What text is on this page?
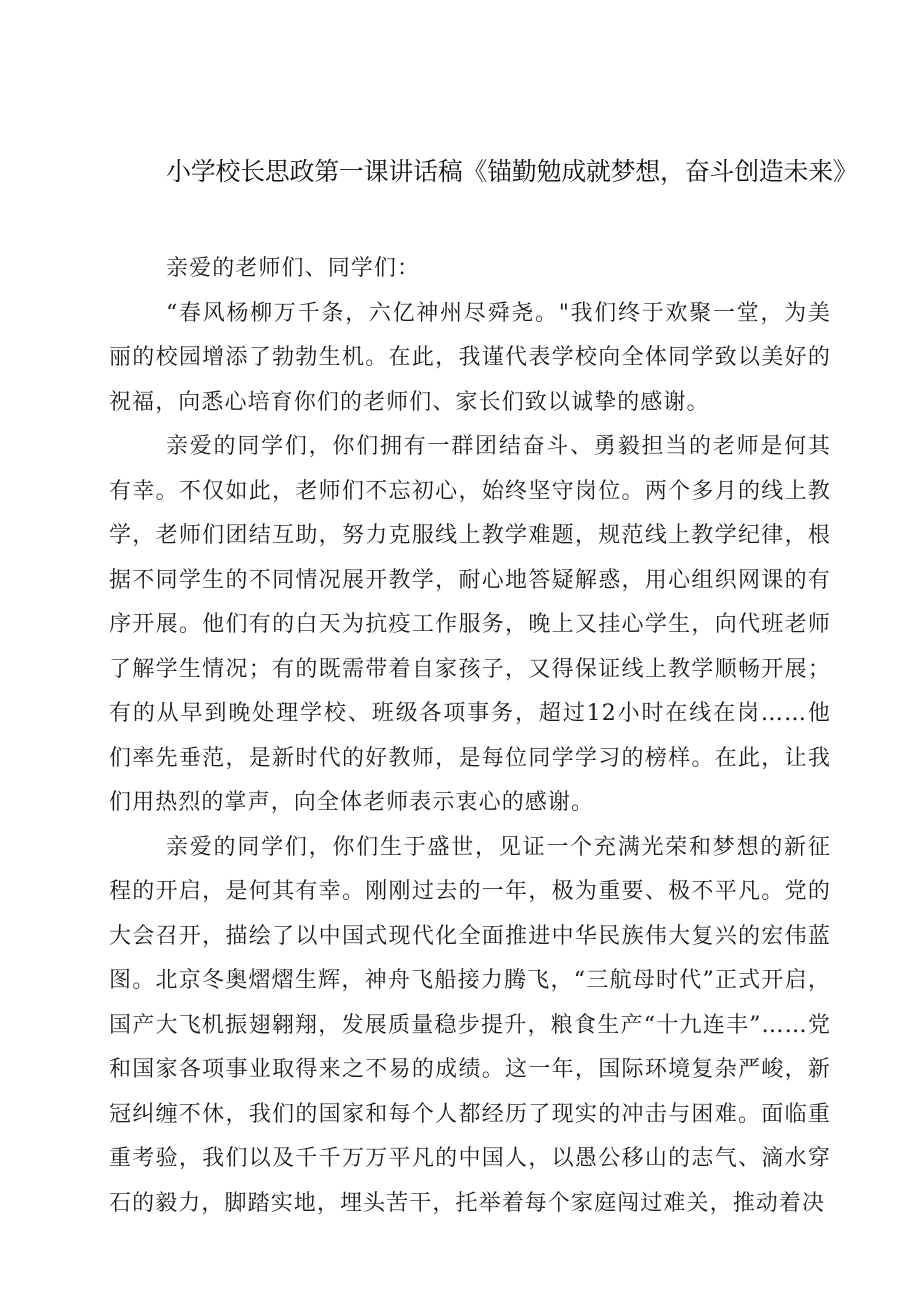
小学校长思政第一课讲话稿《锚勤勉成就梦想，奋斗创造未来》

亲爱的老师们、同学们：

“春风杨柳万千条，六亿神州尽舜尧。"我们终于欢聚一堂，为美丽的校园增添了勃勃生机。在此，我谨代表学校向全体同学致以美好的祝福，向悉心培育你们的老师们、家长们致以诚挚的感谢。

亲爱的同学们，你们拥有一群团结奋斗、勇毅担当的老师是何其有幸。不仅如此，老师们不忘初心，始终坚守岗位。两个多月的线上教学，老师们团结互助，努力克服线上教学难题，规范线上教学纪律，根据不同学生的不同情况展开教学，耐心地答疑解惑，用心组织网课的有序开展。他们有的白天为抗疫工作服务，晚上又挂心学生，向代班老师了解学生情况；有的既需带着自家孩子，又得保证线上教学顺畅开展；有的从早到晚处理学校、班级各项事务，超过12小时在线在岗……他们率先垂范，是新时代的好教师，是每位同学学习的榜样。在此，让我们用热烈的掌声，向全体老师表示衷心的感谢。

亲爱的同学们，你们生于盛世，见证一个充满光荣和梦想的新征程的开启，是何其有幸。刚刚过去的一年，极为重要、极不平凡。党的大会召开，描绘了以中国式现代化全面推进中华民族伟大复兴的宏伟蓝图。北京冬奥熠熠生辉，神舟飞船接力腾飞，“三航母时代”正式开启，国产大飞机振翅翱翔，发展质量稳步提升，粮食生产“十九连丰”……党和国家各项事业取得来之不易的成绩。这一年，国际环境复杂严峻，新冠纠缠不休，我们的国家和每个人都经历了现实的冲击与困难。面临重重考验，我们以及千千万万平凡的中国人，以愚公移山的志气、滴水穿石的毅力，脚踏实地，埋头苦干，托举着每个家庭闯过难关，推动着决
